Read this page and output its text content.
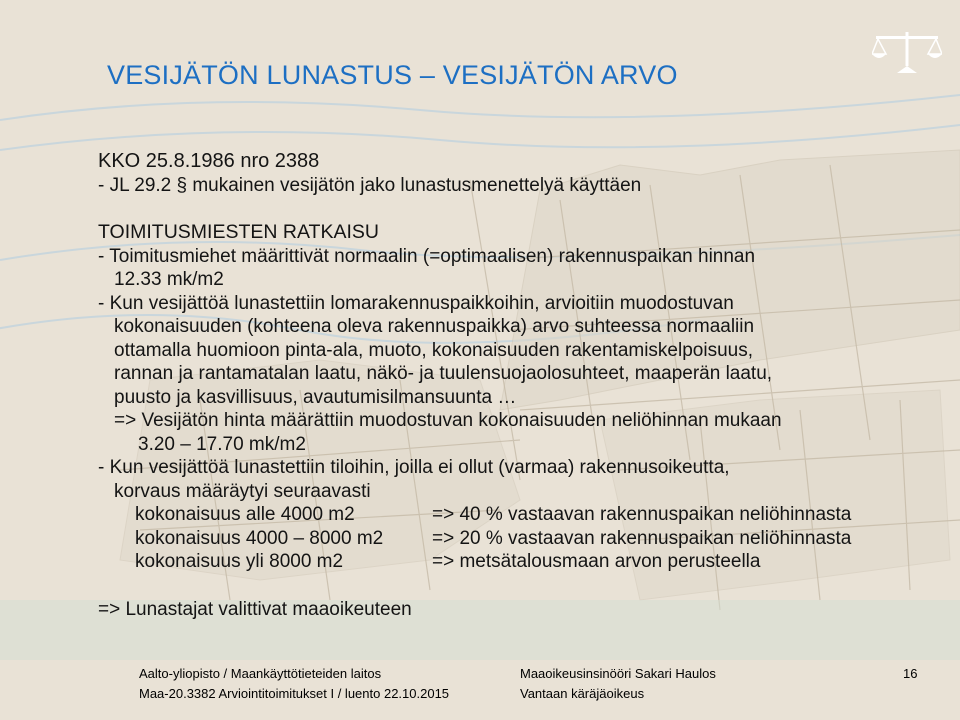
VESIJÄTÖN LUNASTUS – VESIJÄTÖN ARVO
KKO 25.8.1986 nro 2388
- JL 29.2 § mukainen vesijätön jako lunastusmenettelyä käyttäen
TOIMITUSMIESTEN RATKAISU
- Toimitusmiehet määrittivät normaalin (=optimaalisen) rakennuspaikan hinnan
12.33 mk/m2
- Kun vesijättöä lunastettiin lomarakennuspaikkoihin, arvioitiin muodostuvan
kokonaisuuden (kohteena oleva rakennuspaikka) arvo suhteessa normaaliin
ottamalla huomioon pinta-ala, muoto, kokonaisuuden rakentamiskelpoisuus,
rannan ja rantamatalan laatu, näkö- ja tuulensuojaolosuhteet, maaperän laatu,
puusto ja kasvillisuus, avautumisilmansuunta …
=> Vesijätön hinta määrättiin muodostuvan kokonaisuuden neliöhinnan mukaan
3.20 – 17.70 mk/m2
- Kun vesijättöä lunastettiin tiloihin, joilla ei ollut (varmaa) rakennusoikeutta,
korvaus määräytyi seuraavasti
kokonaisuus alle 4000 m2	=> 40 % vastaavan rakennuspaikan neliöhinnasta
kokonaisuus 4000 – 8000 m2	=> 20 % vastaavan rakennuspaikan neliöhinnasta
kokonaisuus yli 8000 m2	=> metsätalousmaan arvon perusteella
=> Lunastajat valittivat maaoikeuteen
Aalto-yliopisto / Maankäyttötieteiden laitos
Maa-20.3382 Arviointitoimitukset I / luento 22.10.2015
Maaoikeusinsinööri Sakari Haulos
Vantaan käräjäoikeus
16
